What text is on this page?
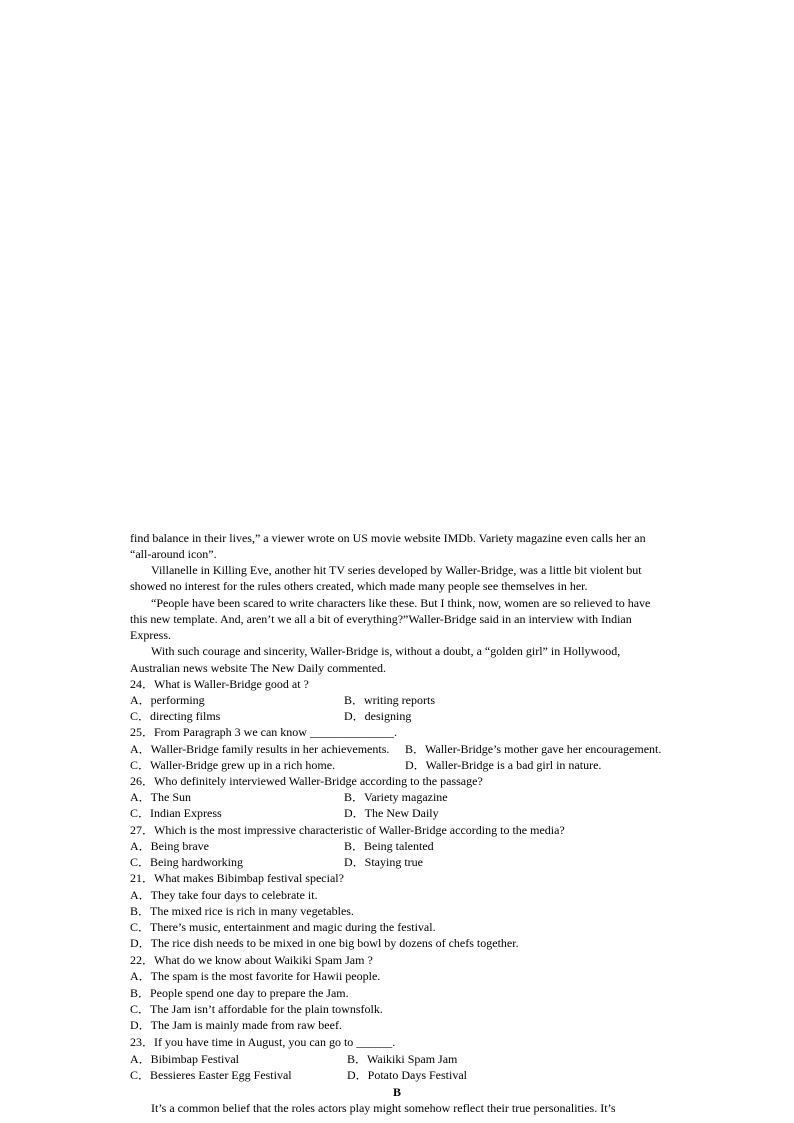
find balance in their lives,” a viewer wrote on US movie website IMDb. Variety magazine even calls her an
“all-around icon”.
Villanelle in Killing Eve, another hit TV series developed by Waller-Bridge, was a little bit violent but
showed no interest for the rules others created, which made many people see themselves in her.
“People have been scared to write characters like these. But I think, now, women are so relieved to have
this new template. And, aren’t we all a bit of everything?”Waller-Bridge said in an interview with Indian
Express.
With such courage and sincerity, Waller-Bridge is, without a doubt, a “golden girl” in Hollywood,
Australian news website The New Daily commented.
24．What is Waller-Bridge good at ?
A．performing	B．writing reports
C．directing films	D．designing
25．From Paragraph 3 we can know ______________.
A．Waller-Bridge family results in her achievements. B．Waller-Bridge’s mother gave her encouragement.
C．Waller-Bridge grew up in a rich home.	D．Waller-Bridge is a bad girl in nature.
26．Who definitely interviewed Waller-Bridge according to the passage?
A．The Sun	B．Variety magazine
C．Indian Express	D．The New Daily
27．Which is the most impressive characteristic of Waller-Bridge according to the media?
A．Being brave	B．Being talented
C．Being hardworking	D．Staying true
21．What makes Bibimbap festival special?
A．They take four days to celebrate it.
B．The mixed rice is rich in many vegetables.
C．There’s music, entertainment and magic during the festival.
D．The rice dish needs to be mixed in one big bowl by dozens of chefs together.
22．What do we know about Waikiki Spam Jam ?
A．The spam is the most favorite for Hawii people.
B．People spend one day to prepare the Jam.
C．The Jam isn’t affordable for the plain townsfolk.
D．The Jam is mainly made from raw beef.
23．If you have time in August, you can go to ______.
A．Bibimbap Festival	B．Waikiki Spam Jam
C．Bessieres Easter Egg Festival	D．Potato Days Festival
B
It’s a common belief that the roles actors play might somehow reflect their true personalities. It’s
